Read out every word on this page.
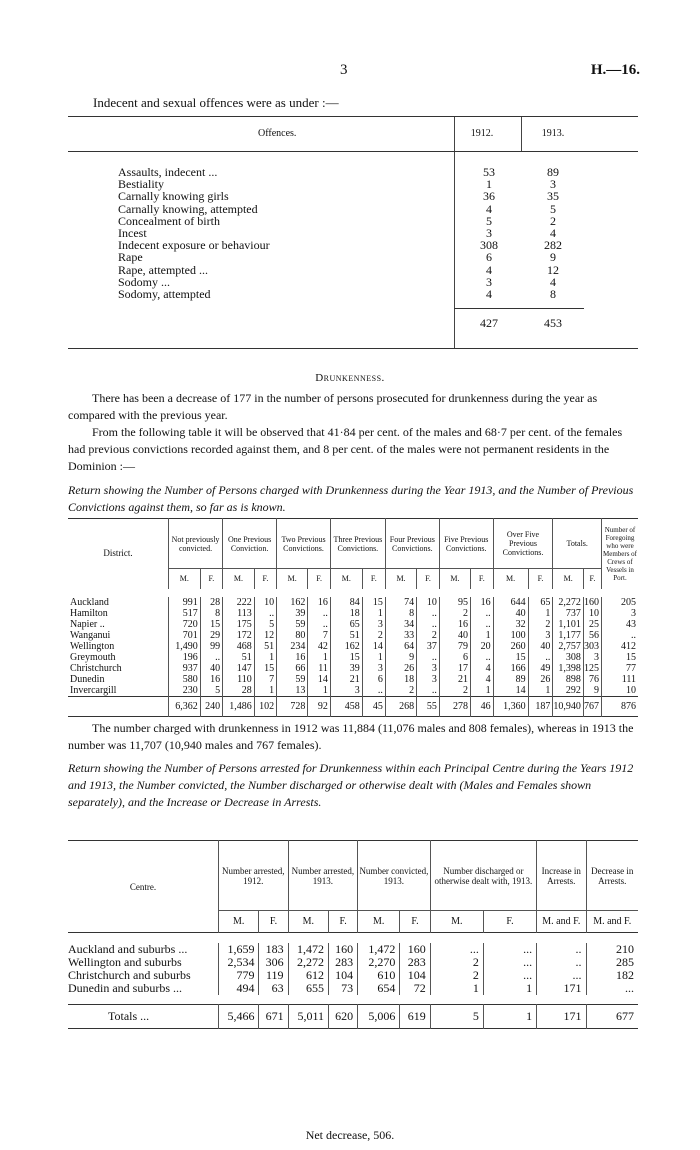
3	H.—16.
Indecent and sexual offences were as under :—
Offences.	1912.	1913.
Assaults, indecent ...	53	89
Bestiality	1	3
Carnally knowing girls	36	35
Carnally knowing, attempted	4	5
Concealment of birth	5	2
Incest	3	4
Indecent exposure or behaviour	308	282
Rape	6	9
Rape, attempted ...	4	12
Sodomy ...	3	4
Sodomy, attempted	4	8
427	453
Drunkenness.
There has been a decrease of 177 in the number of persons prosecuted for drunkenness during the year as compared with the previous year.
From the following table it will be observed that 41·84 per cent. of the males and 68·7 per cent. of the females had previous convictions recorded against them, and 8 per cent. of the males were not permanent residents in the Dominion :—
Return showing the Number of Persons charged with Drunkenness during the Year 1913, and the Number of Previous Convictions against them, so far as is known.
District.	Not previously convicted.		One Previous Conviction.		Two Previous Convictions.		Three Previous Convictions.		Four Previous Convictions.		Five Previous Convictions.		Over Five Previous Convictions.		Totals.		Number of Foregoing who were Members of Crews of Vessels in Port.
	M.	F.	M.	F.	M.	F.	M.	F.	M.	F.	M.	F.	M.	F.	M.	F.	

Auckland	991	28	222	10	162	16	84	15	74	10	95	16	644	65	2,272	160	205
Hamilton	517	8	113	..	39	..	18	1	8	..	2	..	40	1	737	10	3
Napier ..	720	15	175	5	59	..	65	3	34	..	16	..	32	2	1,101	25	43
Wanganui	701	29	172	12	80	7	51	2	33	2	40	1	100	3	1,177	56	..
Wellington	1,490	99	468	51	234	42	162	14	64	37	79	20	260	40	2,757	303	412
Greymouth	196	..	51	1	16	1	15	1	9	..	6	..	15	..	308	3	15
Christchurch	937	40	147	15	66	11	39	3	26	3	17	4	166	49	1,398	125	77
Dunedin	580	16	110	7	59	14	21	6	18	3	21	4	89	26	898	76	111
Invercargill	230	5	28	1	13	1	3	..	2	..	2	1	14	1	292	9	10
	6,362	240	1,486	102	728	92	458	45	268	55	278	46	1,360	187	10,940	767	876
The number charged with drunkenness in 1912 was 11,884 (11,076 males and 808 females), whereas in 1913 the number was 11,707 (10,940 males and 767 females).
Return showing the Number of Persons arrested for Drunkenness within each Principal Centre during the Years 1912 and 1913, the Number convicted, the Number discharged or otherwise dealt with (Males and Females shown separately), and the Increase or Decrease in Arrests.
Centre.	Number arrested, 1912.		Number arrested, 1913.		Number convicted, 1913.		Number discharged or otherwise dealt with, 1913.		Increase in Arrests.	Decrease in Arrests.
	M.	F.	M.	F.	M.	F.	M.	F.	M. and F.	M. and F.

Auckland and suburbs ...	1,659	183	1,472	160	1,472	160	...	...	..	210
Wellington and suburbs	2,534	306	2,272	283	2,270	283	2	...	..	285
Christchurch and suburbs	779	119	612	104	610	104	2	...	...	182
Dunedin and suburbs ...	494	63	655	73	654	72	1	1	171	...

Totals ...	5,466	671	5,011	620	5,006	619	5	1	171	677
Net decrease, 506.
